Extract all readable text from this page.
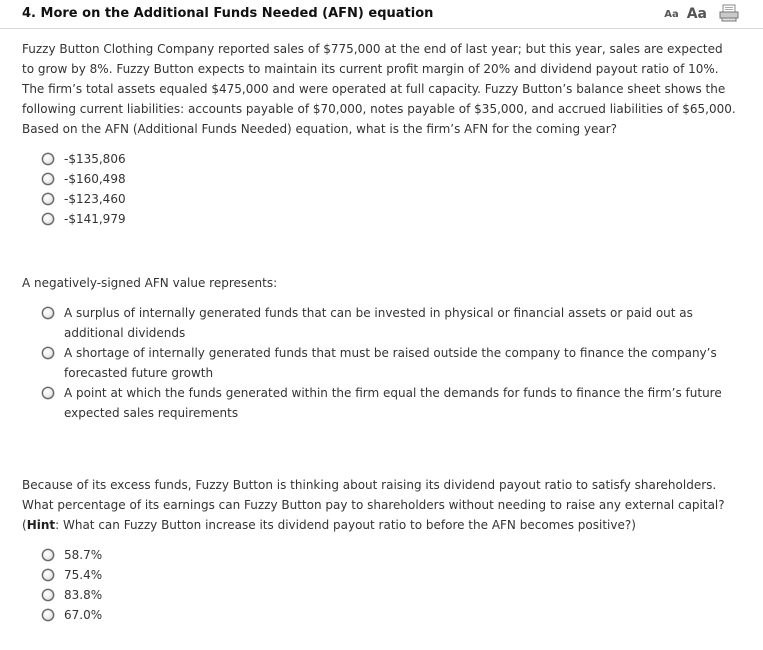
4. More on the Additional Funds Needed (AFN) equation	Aa Aa
Fuzzy Button Clothing Company reported sales of $775,000 at the end of last year; but this year, sales are expected to grow by 8%. Fuzzy Button expects to maintain its current profit margin of 20% and dividend payout ratio of 10%. The firm’s total assets equaled $475,000 and were operated at full capacity. Fuzzy Button’s balance sheet shows the following current liabilities: accounts payable of $70,000, notes payable of $35,000, and accrued liabilities of $65,000. Based on the AFN (Additional Funds Needed) equation, what is the firm’s AFN for the coming year?
-$135,806
-$160,498
-$123,460
-$141,979
A negatively-signed AFN value represents:
A surplus of internally generated funds that can be invested in physical or financial assets or paid out as additional dividends
A shortage of internally generated funds that must be raised outside the company to finance the company’s forecasted future growth
A point at which the funds generated within the firm equal the demands for funds to finance the firm’s future expected sales requirements
Because of its excess funds, Fuzzy Button is thinking about raising its dividend payout ratio to satisfy shareholders. What percentage of its earnings can Fuzzy Button pay to shareholders without needing to raise any external capital? (Hint: What can Fuzzy Button increase its dividend payout ratio to before the AFN becomes positive?)
58.7%
75.4%
83.8%
67.0%
